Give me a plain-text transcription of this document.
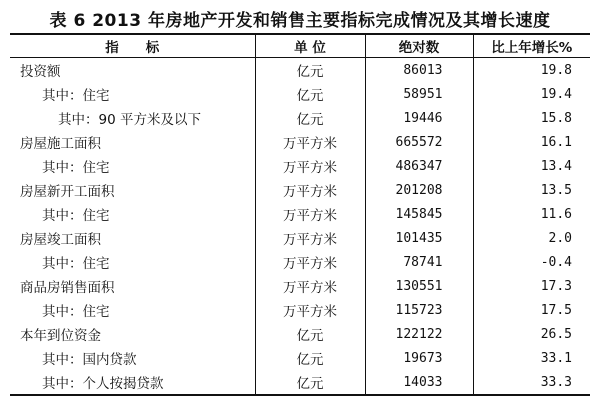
表 6 2013 年房地产开发和销售主要指标完成情况及其增长速度
指　　标	单 位	绝对数	比上年增长%
投资额	亿元	86013	19.8
其中：住宅	亿元	58951	19.4
其中：90 平方米及以下	亿元	19446	15.8
房屋施工面积	万平方米	665572	16.1
其中：住宅	万平方米	486347	13.4
房屋新开工面积	万平方米	201208	13.5
其中：住宅	万平方米	145845	11.6
房屋竣工面积	万平方米	101435	2.0
其中：住宅	万平方米	78741	-0.4
商品房销售面积	万平方米	130551	17.3
其中：住宅	万平方米	115723	17.5
本年到位资金	亿元	122122	26.5
其中：国内贷款	亿元	19673	33.1
其中：个人按揭贷款	亿元	14033	33.3
